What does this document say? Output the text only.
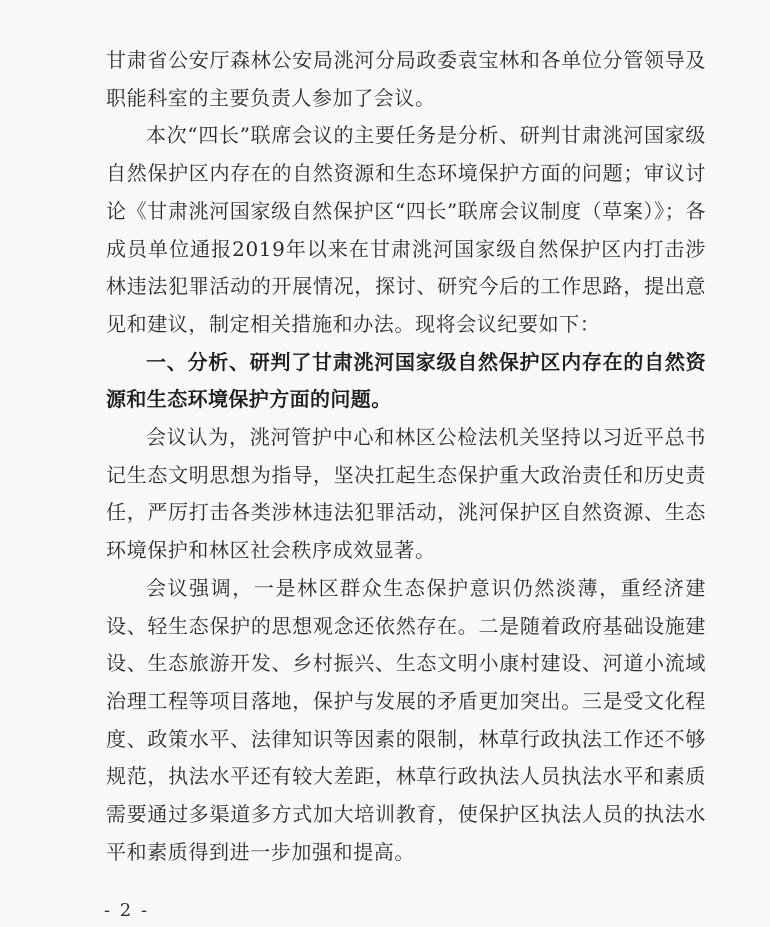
甘肃省公安厅森林公安局洮河分局政委袁宝林和各单位分管领导及职能科室的主要负责人参加了会议。

本次“四长”联席会议的主要任务是分析、研判甘肃洮河国家级自然保护区内存在的自然资源和生态环境保护方面的问题；审议讨论《甘肃洮河国家级自然保护区“四长”联席会议制度（草案）》；各成员单位通报2019年以来在甘肃洮河国家级自然保护区内打击涉林违法犯罪活动的开展情况，探讨、研究今后的工作思路，提出意见和建议，制定相关措施和办法。现将会议纪要如下：

一、分析、研判了甘肃洮河国家级自然保护区内存在的自然资源和生态环境保护方面的问题。

会议认为，洮河管护中心和林区公检法机关坚持以习近平总书记生态文明思想为指导，坚决扛起生态保护重大政治责任和历史责任，严厉打击各类涉林违法犯罪活动，洮河保护区自然资源、生态环境保护和林区社会秩序成效显著。

会议强调，一是林区群众生态保护意识仍然淡薄，重经济建设、轻生态保护的思想观念还依然存在。二是随着政府基础设施建设、生态旅游开发、乡村振兴、生态文明小康村建设、河道小流域治理工程等项目落地，保护与发展的矛盾更加突出。三是受文化程度、政策水平、法律知识等因素的限制，林草行政执法工作还不够规范，执法水平还有较大差距，林草行政执法人员执法水平和素质需要通过多渠道多方式加大培训教育，使保护区执法人员的执法水平和素质得到进一步加强和提高。

- 2 -
